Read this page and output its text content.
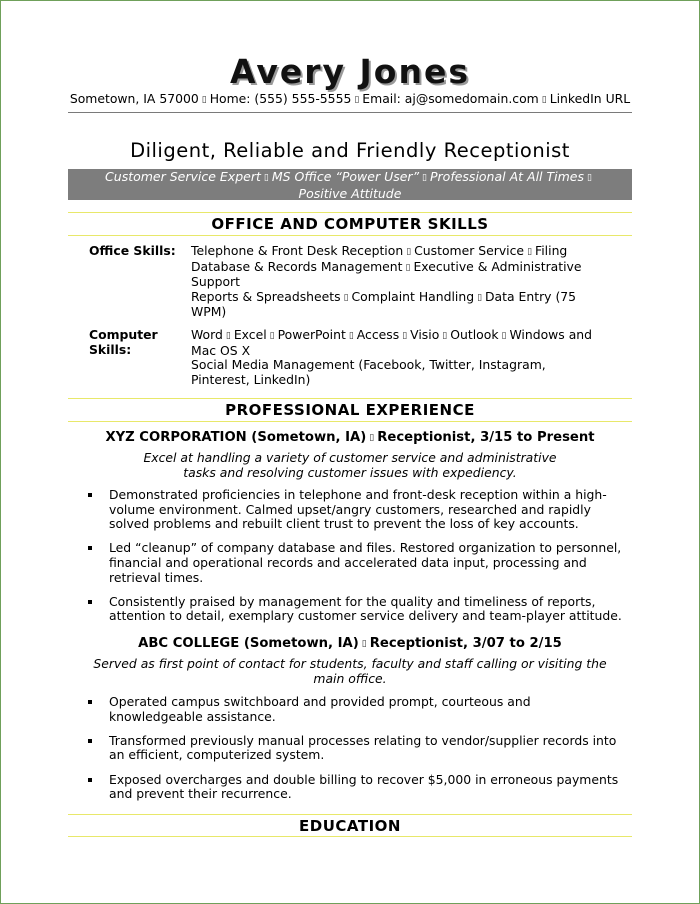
Avery Jones
Sometown, IA 57000 ▯ Home: (555) 555-5555 ▯ Email: aj@somedomain.com ▯ LinkedIn URL
Diligent, Reliable and Friendly Receptionist
Customer Service Expert ▯ MS Office “Power User” ▯ Professional At All Times ▯
Positive Attitude
OFFICE AND COMPUTER SKILLS
Office Skills: Telephone & Front Desk Reception ▯ Customer Service ▯ Filing
Database & Records Management ▯ Executive & Administrative Support
Reports & Spreadsheets ▯ Complaint Handling ▯ Data Entry (75 WPM)
Computer Skills:
Word ▯ Excel ▯ PowerPoint ▯ Access ▯ Visio ▯ Outlook ▯ Windows and Mac OS X
Social Media Management (Facebook, Twitter, Instagram, Pinterest, LinkedIn)
PROFESSIONAL EXPERIENCE
XYZ CORPORATION (Sometown, IA) ▯ Receptionist, 3/15 to Present
Excel at handling a variety of customer service and administrative tasks and resolving customer issues with expediency.
Demonstrated proficiencies in telephone and front-desk reception within a high-volume environment. Calmed upset/angry customers, researched and rapidly solved problems and rebuilt client trust to prevent the loss of key accounts.
Led “cleanup” of company database and files. Restored organization to personnel, financial and operational records and accelerated data input, processing and retrieval times.
Consistently praised by management for the quality and timeliness of reports, attention to detail, exemplary customer service delivery and team-player attitude.
ABC COLLEGE (Sometown, IA) ▯ Receptionist, 3/07 to 2/15
Served as first point of contact for students, faculty and staff calling or visiting the main office.
Operated campus switchboard and provided prompt, courteous and knowledgeable assistance.
Transformed previously manual processes relating to vendor/supplier records into an efficient, computerized system.
Exposed overcharges and double billing to recover $5,000 in erroneous payments and prevent their recurrence.
EDUCATION
